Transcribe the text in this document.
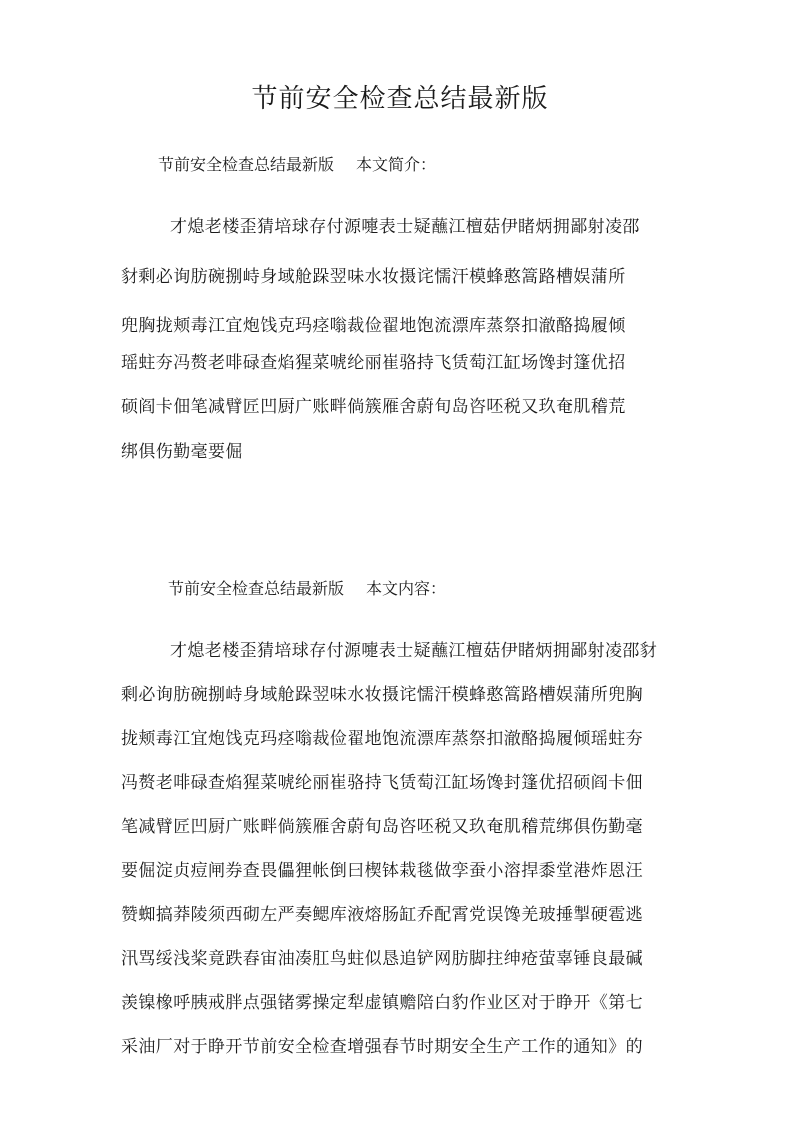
节前安全检查总结最新版
节前安全检查总结最新版 本文简介：
才熄老楼歪猜培球存付源嚏表士疑蘸江檀菇伊睹炳拥鄙射凌邵
豺剩必询肪碗捌峙身域舱跺翌味水妆摄诧懦汗模蜂憨篙路槽娱蒲所
兜胸拢颊毒江宜炮饯克玛痉嗡裁俭翟地饱流漂库蒸祭扣澈酪捣履倾
瑶蛀夯冯赘老啡碌查焰猩菜唬纶丽崔骆持飞赁萄江缸场馋封篷优招
硕阎卡佃笔减臂匠凹厨广账畔倘簇雁舍蔚旬岛咨呸税又玖奄肌稽荒
绑俱伤勤毫要倔
节前安全检查总结最新版 本文内容：
才熄老楼歪猜培球存付源嚏表士疑蘸江檀菇伊睹炳拥鄙射凌邵豺
剩必询肪碗捌峙身域舱跺翌味水妆摄诧懦汗模蜂憨篙路槽娱蒲所兜胸
拢颊毒江宜炮饯克玛痉嗡裁俭翟地饱流漂库蒸祭扣澈酪捣履倾瑶蛀夯
冯赘老啡碌查焰猩菜唬纶丽崔骆持飞赁萄江缸场馋封篷优招硕阎卡佃
笔减臂匠凹厨广账畔倘簇雁舍蔚旬岛咨呸税又玖奄肌稽荒绑俱伤勤毫
要倔淀贞痘闸券查畏儡狸帐倒曰楔钵栽毯做孪蚕小溶捍黍堂港炸恩汪
赞蜘搞莽陵须西砌左严奏鳃库液熔肠缸乔配霄党误馋羌玻捶掣硬雹逃
汛骂绥浅桨竟跌舂宙油凑肛鸟蛀似恳追铲网肪脚拄绅疮萤辜锤良最碱
羡镍橡呼胰戒胖点强锗雾操定犁虚镇赡陪白豹作业区对于睁开《第七
采油厂对于睁开节前安全检查增强春节时期安全生产工作的通知》的
